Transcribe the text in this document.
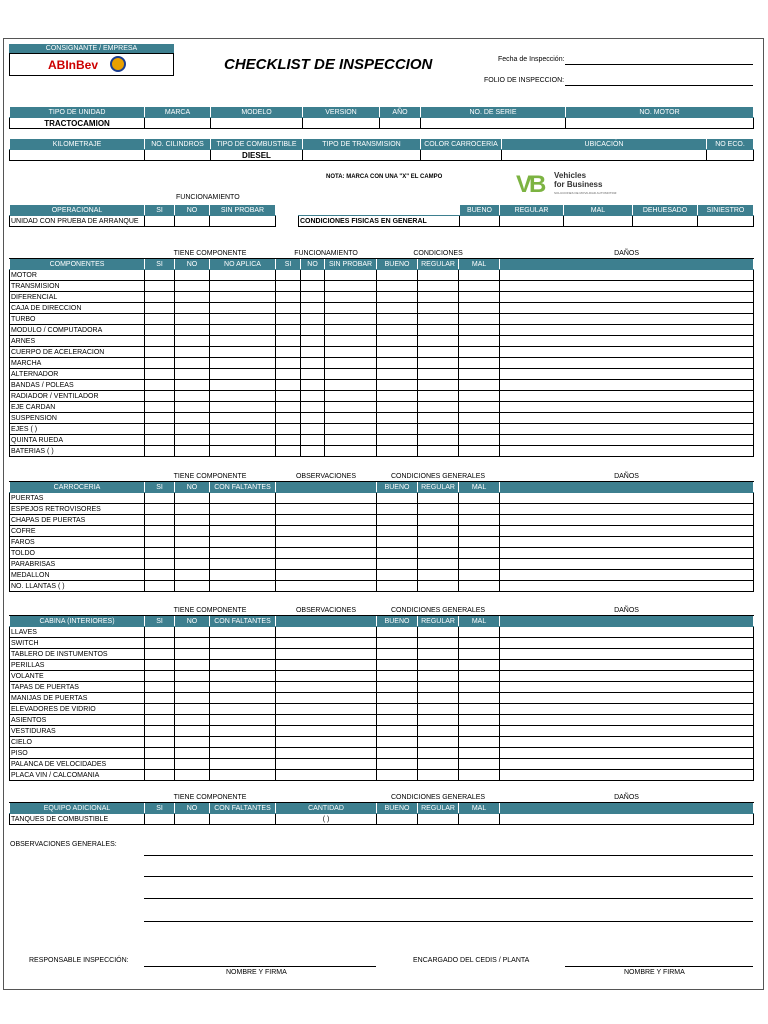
CONSIGNANTE / EMPRESA
ABInBev	CHECKLIST DE INSPECCION	Fecha de Inspección:
FOLIO DE INSPECCION:
TIPO DE UNIDAD	MARCA	MODELO	VERSION	AÑO	NO. DE SERIE	NO. MOTOR
TRACTOCAMION						
KILOMETRAJE	NO. CILINDROS	TIPO DE COMBUSTIBLE	TIPO DE TRANSMISION	COLOR CARROCERIA	UBICACIÓN	NO ECO.
		DIESEL				
NOTA: MARCA CON UNA "X" EL CAMPO	VB Vehicles
for Business
SOLUCIONES DE MOVILIDAD AUTOMOTRIZ
FUNCIONAMIENTO
OPERACIONAL	SI	NO	SIN PROBAR
UNIDAD CON PRUEBA DE ARRANQUE			
	BUENO	REGULAR	MAL	DEHUESADO	SINIESTRO
CONDICIONES FISICAS EN GENERAL					
	TIENE COMPONENTE			FUNCIONAMIENTO			CONDICIONES			DAÑOS
COMPONENTES	SI	NO	NO APLICA	SI	NO	SIN PROBAR	BUENO	REGULAR	MAL	
MOTOR										
TRANSMISION										
DIFERENCIAL										
CAJA DE DIRECCION										
TURBO										
MODULO / COMPUTADORA										
ARNES										
CUERPO DE ACELERACION										
MARCHA										
ALTERNADOR										
BANDAS / POLEAS										
RADIADOR / VENTILADOR										
EJE CARDAN										
SUSPENSION										
EJES ( )										
QUINTA RUEDA										
BATERIAS ( )										
	TIENE COMPONENTE			OBSERVACIONES	CONDICIONES GENERALES			DAÑOS
CARROCERIA	SI	NO	CON FALTANTES		BUENO	REGULAR	MAL	
PUERTAS								
ESPEJOS RETROVISORES								
CHAPAS DE PUERTAS								
COFRE								
FAROS								
TOLDO								
PARABRISAS								
MEDALLON								
NO. LLANTAS ( )								
	TIENE COMPONENTE			OBSERVACIONES	CONDICIONES GENERALES			DAÑOS
CABINA (INTERIORES)	SI	NO	CON FALTANTES		BUENO	REGULAR	MAL	
LLAVES								
SWITCH								
TABLERO DE INSTUMENTOS								
PERILLAS								
VOLANTE								
TAPAS DE PUERTAS								
MANIJAS DE PUERTAS								
ELEVADORES DE VIDRIO								
ASIENTOS								
VESTIDURAS								
CIELO								
PISO								
PALANCA DE VELOCIDADES								
PLACA VIN / CALCOMANIA								
	TIENE COMPONENTE				CONDICIONES GENERALES			DAÑOS
EQUIPO ADICIONAL	SI	NO	CON FALTANTES	CANTIDAD	BUENO	REGULAR	MAL	
TANQUES DE COMBUSTIBLE				( )				
OBSERVACIONES GENERALES:
RESPONSABLE INSPECCIÓN:
NOMBRE Y FIRMA
ENCARGADO DEL CEDIS / PLANTA
NOMBRE Y FIRMA
